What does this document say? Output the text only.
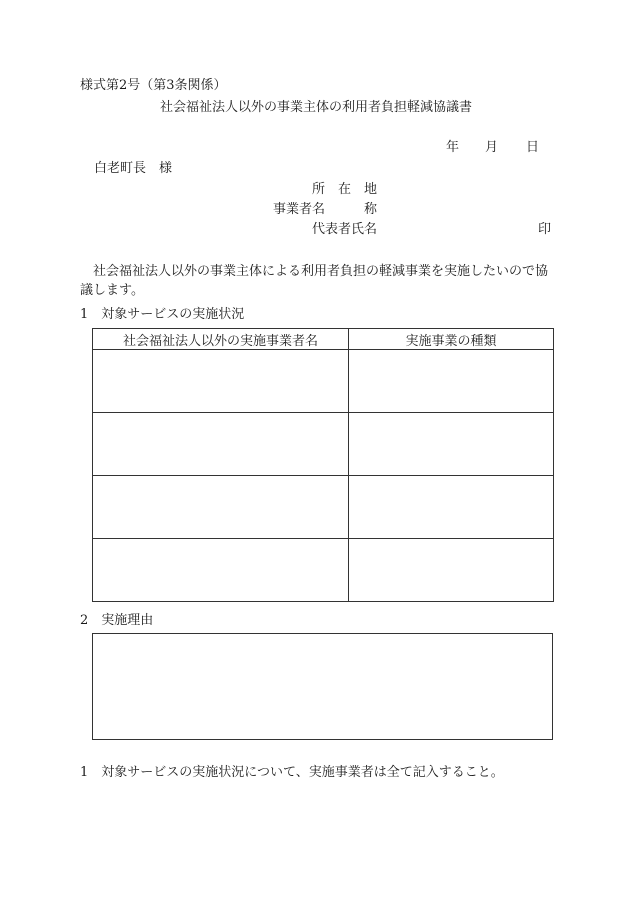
様式第2号（第3条関係）
社会福祉法人以外の事業主体の利用者負担軽減協議書
年 月 日
白老町長　様
所　在　地
事業者名　　　称
代表者氏名	印
社会福祉法人以外の事業主体による利用者負担の軽減事業を実施したいので協議します。
1　対象サービスの実施状況
社会福祉法人以外の実施事業者名	実施事業の種類

2　実施理由
1　対象サービスの実施状況について、実施事業者は全て記入すること。
